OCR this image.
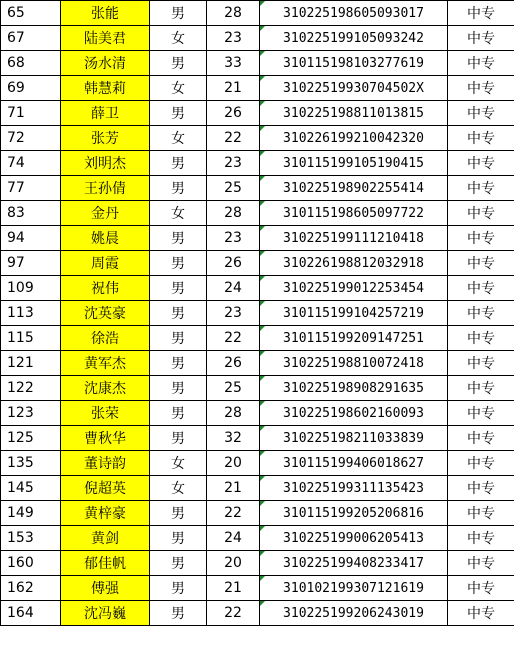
65	张能	男	28	310225198605093017	中专
67	陆美君	女	23	310225199105093242	中专
68	汤水清	男	33	310115198103277619	中专
69	韩慧莉	女	21	31022519930704502X	中专
71	薛卫	男	26	310225198811013815	中专
72	张芳	女	22	310226199210042320	中专
74	刘明杰	男	23	310115199105190415	中专
77	王孙倩	男	25	310225198902255414	中专
83	金丹	女	28	310115198605097722	中专
94	姚晨	男	23	310225199111210418	中专
97	周霞	男	26	310226198812032918	中专
109	祝伟	男	24	310225199012253454	中专
113	沈英豪	男	23	310115199104257219	中专
115	徐浩	男	22	310115199209147251	中专
121	黄军杰	男	26	310225198810072418	中专
122	沈康杰	男	25	310225198908291635	中专
123	张荣	男	28	310225198602160093	中专
125	曹秋华	男	32	310225198211033839	中专
135	董诗韵	女	20	310115199406018627	中专
145	倪超英	女	21	310225199311135423	中专
149	黄梓豪	男	22	310115199205206816	中专
153	黄剑	男	24	310225199006205413	中专
160	郁佳帆	男	20	310225199408233417	中专
162	傅强	男	21	310102199307121619	中专
164	沈冯巍	男	22	310225199206243019	中专
